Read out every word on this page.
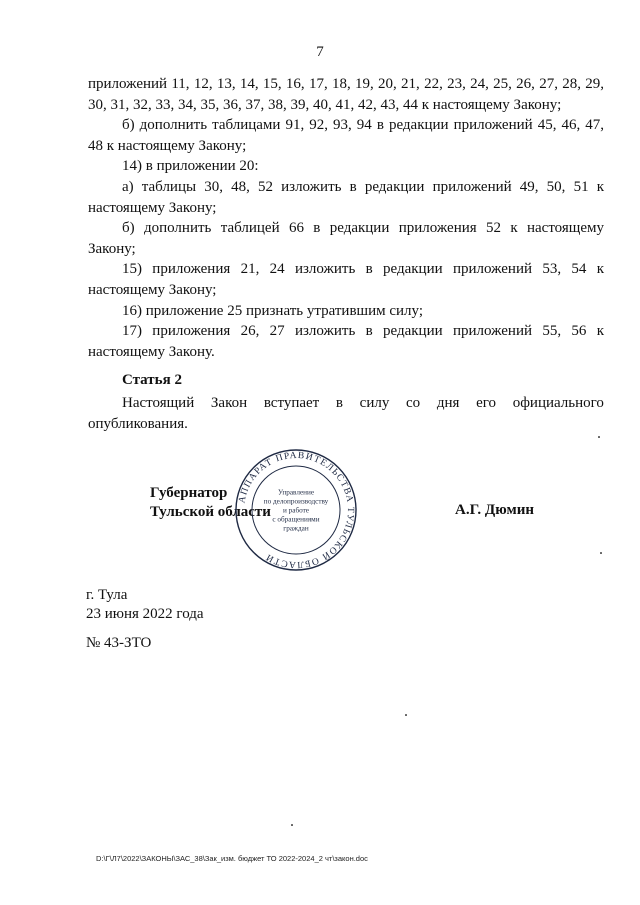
7

приложений 11, 12, 13, 14, 15, 16, 17, 18, 19, 20, 21, 22, 23, 24, 25, 26, 27, 28, 29, 30, 31, 32, 33, 34, 35, 36, 37, 38, 39, 40, 41, 42, 43, 44 к настоящему Закону;

б) дополнить таблицами 91, 92, 93, 94 в редакции приложений 45, 46, 47, 48 к настоящему Закону;

14) в приложении 20:

а) таблицы 30, 48, 52 изложить в редакции приложений 49, 50, 51 к настоящему Закону;

б) дополнить таблицей 66 в редакции приложения 52 к настоящему Закону;

15) приложения 21, 24 изложить в редакции приложений 53, 54 к настоящему Закону;

16) приложение 25 признать утратившим силу;

17) приложения 26, 27 изложить в редакции приложений 55, 56 к настоящему Закону.

Статья 2
Настоящий Закон вступает в силу со дня его официального
опубликования.
Губернатор
Тульской области
АППАРАТ ПРАВИТЕЛЬСТВА ТУЛЬСКОЙ ОБЛАСТИ
Управление
по делопроизводству
и работе
с обращениями
граждан
А.Г. Дюмин
г. Тула
23 июня 2022 года
№ 43-ЗТО
D:\Г\Л7\2022\ЗАКОНЫ\ЗАС_38\Зак_изм. бюджет ТО 2022-2024_2 чт\закон.doc
